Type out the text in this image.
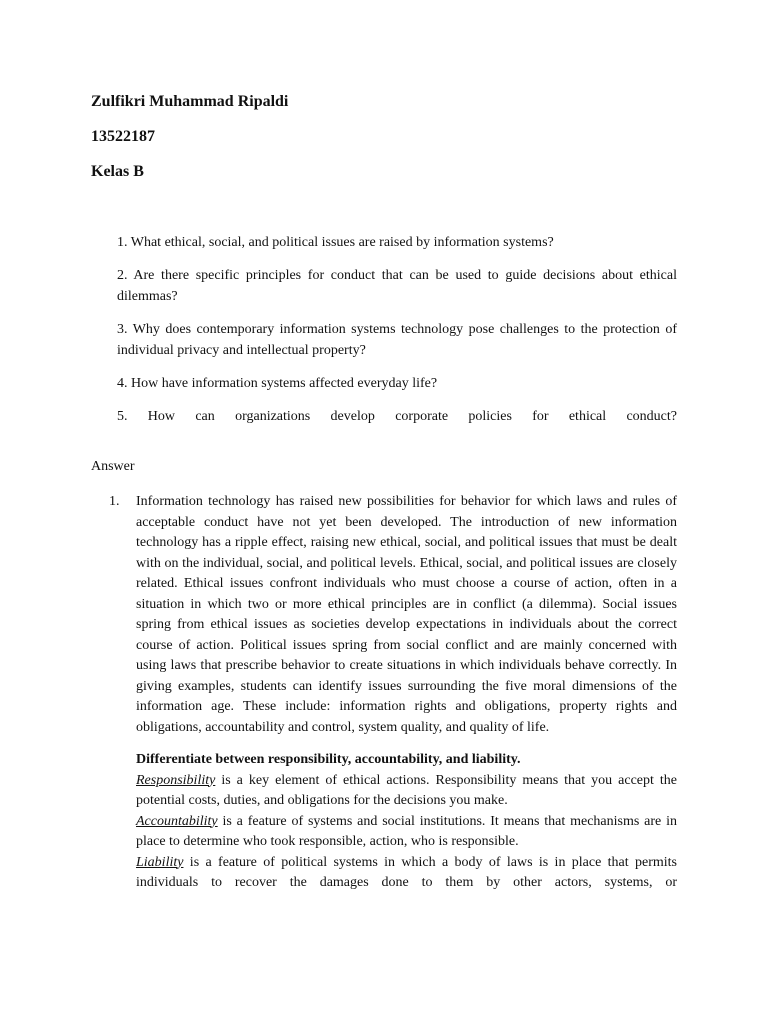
Zulfikri Muhammad Ripaldi

13522187

Kelas B

1. What ethical, social, and political issues are raised by information systems?
2. Are there specific principles for conduct that can be used to guide decisions about ethical dilemmas?
3. Why does contemporary information systems technology pose challenges to the protection of individual privacy and intellectual property?
4. How have information systems affected everyday life?
5. How can organizations develop corporate policies for ethical conduct?

Answer

1.	Information technology has raised new possibilities for behavior for which laws and rules of acceptable conduct have not yet been developed. The introduction of new information technology has a ripple effect, raising new ethical, social, and political issues that must be dealt with on the individual, social, and political levels. Ethical, social, and political issues are closely related. Ethical issues confront individuals who must choose a course of action, often in a situation in which two or more ethical principles are in conflict (a dilemma). Social issues spring from ethical issues as societies develop expectations in individuals about the correct course of action. Political issues spring from social conflict and are mainly concerned with using laws that prescribe behavior to create situations in which individuals behave correctly. In giving examples, students can identify issues surrounding the five moral dimensions of the information age. These include: information rights and obligations, property rights and obligations, accountability and control, system quality, and quality of life.

Differentiate between responsibility, accountability, and liability.
Responsibility is a key element of ethical actions. Responsibility means that you accept the potential costs, duties, and obligations for the decisions you make.
Accountability is a feature of systems and social institutions. It means that mechanisms are in place to determine who took responsible, action, who is responsible.
Liability is a feature of political systems in which a body of laws is in place that permits individuals to recover the damages done to them by other actors, systems, or
